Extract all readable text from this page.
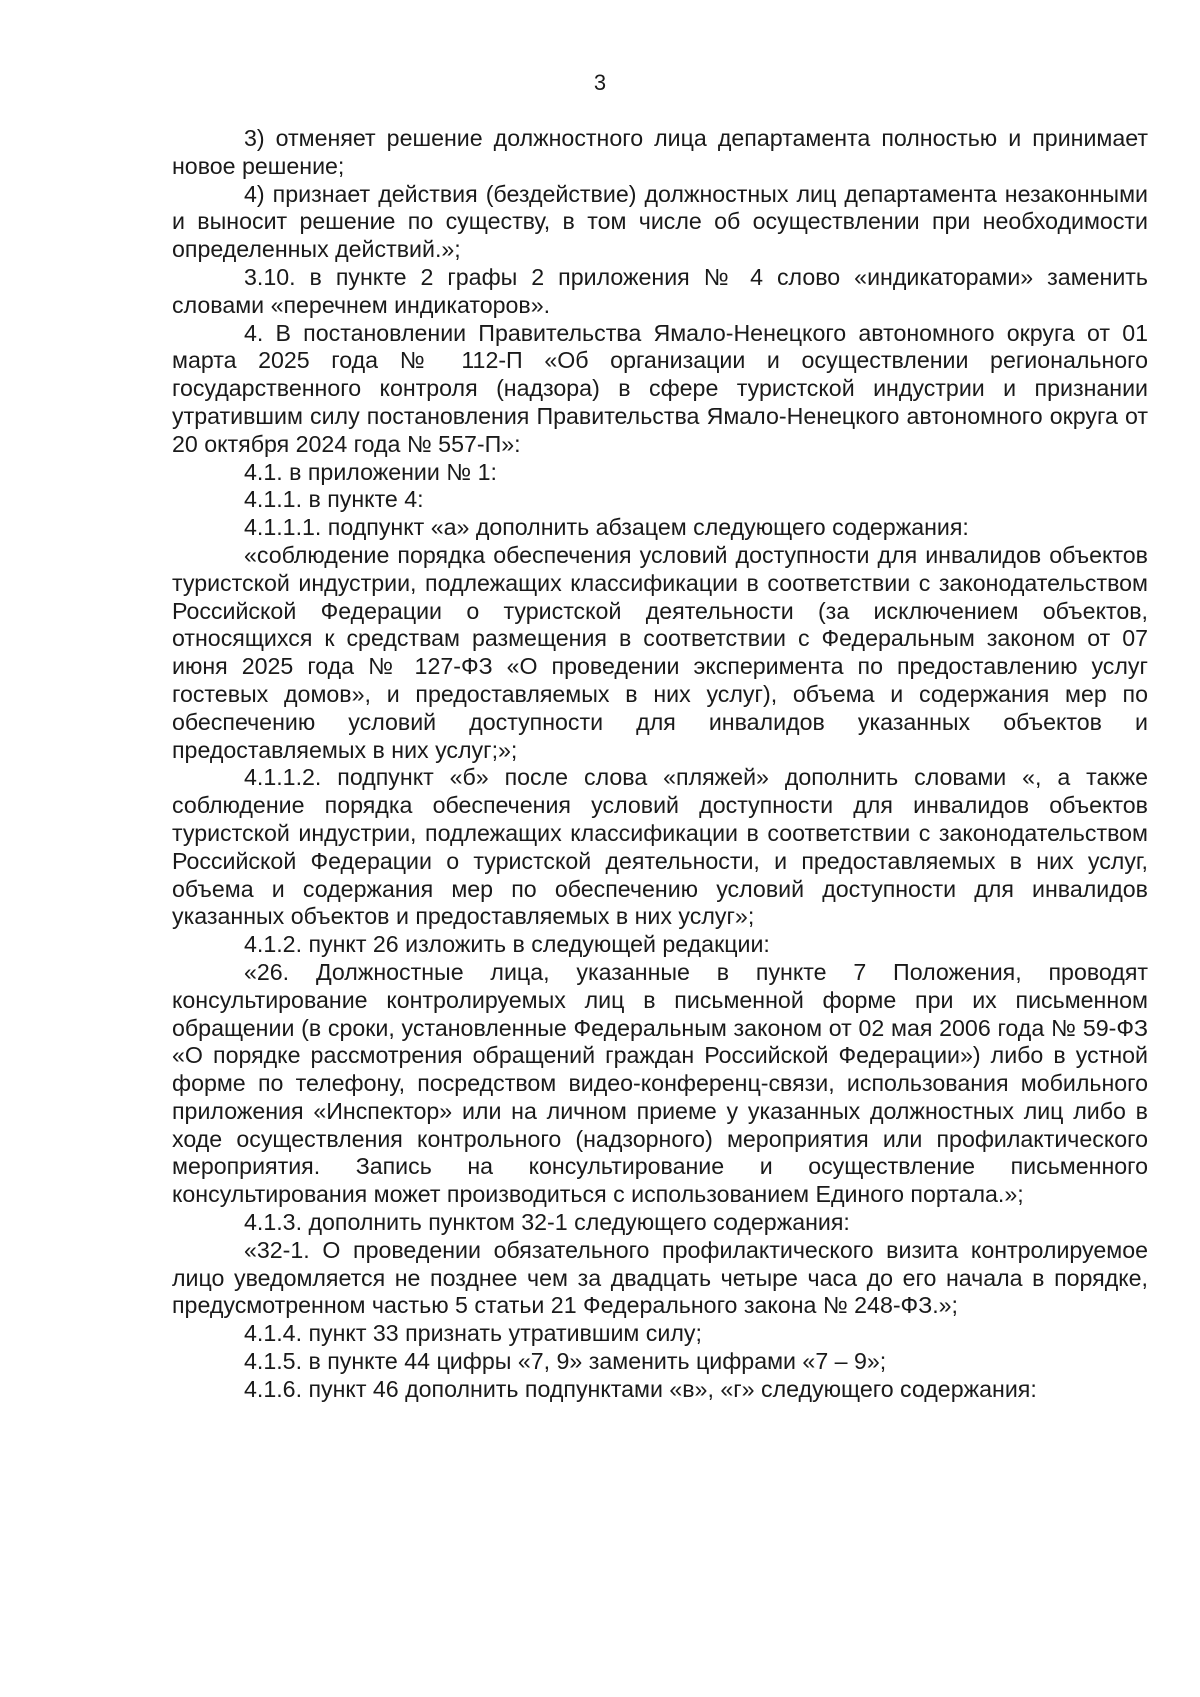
3

3) отменяет решение должностного лица департамента полностью и принимает новое решение;

4) признает действия (бездействие) должностных лиц департамента незаконными и выносит решение по существу, в том числе об осуществлении при необходимости определенных действий.»;

3.10. в пункте 2 графы 2 приложения № 4 слово «индикаторами» заменить словами «перечнем индикаторов».

4. В постановлении Правительства Ямало-Ненецкого автономного округа от 01 марта 2025 года № 112-П «Об организации и осуществлении регионального государственного контроля (надзора) в сфере туристской индустрии и признании утратившим силу постановления Правительства Ямало-Ненецкого автономного округа от 20 октября 2024 года № 557-П»:

4.1. в приложении № 1:

4.1.1. в пункте 4:

4.1.1.1. подпункт «а» дополнить абзацем следующего содержания:

«соблюдение порядка обеспечения условий доступности для инвалидов объектов туристской индустрии, подлежащих классификации в соответствии с законодательством Российской Федерации о туристской деятельности (за исключением объектов, относящихся к средствам размещения в соответствии с Федеральным законом от 07 июня 2025 года № 127-ФЗ «О проведении эксперимента по предоставлению услуг гостевых домов», и предоставляемых в них услуг), объема и содержания мер по обеспечению условий доступности для инвалидов указанных объектов и предоставляемых в них услуг;»;

4.1.1.2. подпункт «б» после слова «пляжей» дополнить словами «, а также соблюдение порядка обеспечения условий доступности для инвалидов объектов туристской индустрии, подлежащих классификации в соответствии с законодательством Российской Федерации о туристской деятельности, и предоставляемых в них услуг, объема и содержания мер по обеспечению условий доступности для инвалидов указанных объектов и предоставляемых в них услуг»;

4.1.2. пункт 26 изложить в следующей редакции:

«26. Должностные лица, указанные в пункте 7 Положения, проводят консультирование контролируемых лиц в письменной форме при их письменном обращении (в сроки, установленные Федеральным законом от 02 мая 2006 года № 59-ФЗ «О порядке рассмотрения обращений граждан Российской Федерации») либо в устной форме по телефону, посредством видео-конференц-связи, использования мобильного приложения «Инспектор» или на личном приеме у указанных должностных лиц либо в ходе осуществления контрольного (надзорного) мероприятия или профилактического мероприятия. Запись на консультирование и осуществление письменного консультирования может производиться с использованием Единого портала.»;

4.1.3. дополнить пунктом 32-1 следующего содержания:

«32-1. О проведении обязательного профилактического визита контролируемое лицо уведомляется не позднее чем за двадцать четыре часа до его начала в порядке, предусмотренном частью 5 статьи 21 Федерального закона № 248-ФЗ.»;

4.1.4. пункт 33 признать утратившим силу;

4.1.5. в пункте 44 цифры «7, 9» заменить цифрами «7 – 9»;

4.1.6. пункт 46 дополнить подпунктами «в», «г» следующего содержания:
